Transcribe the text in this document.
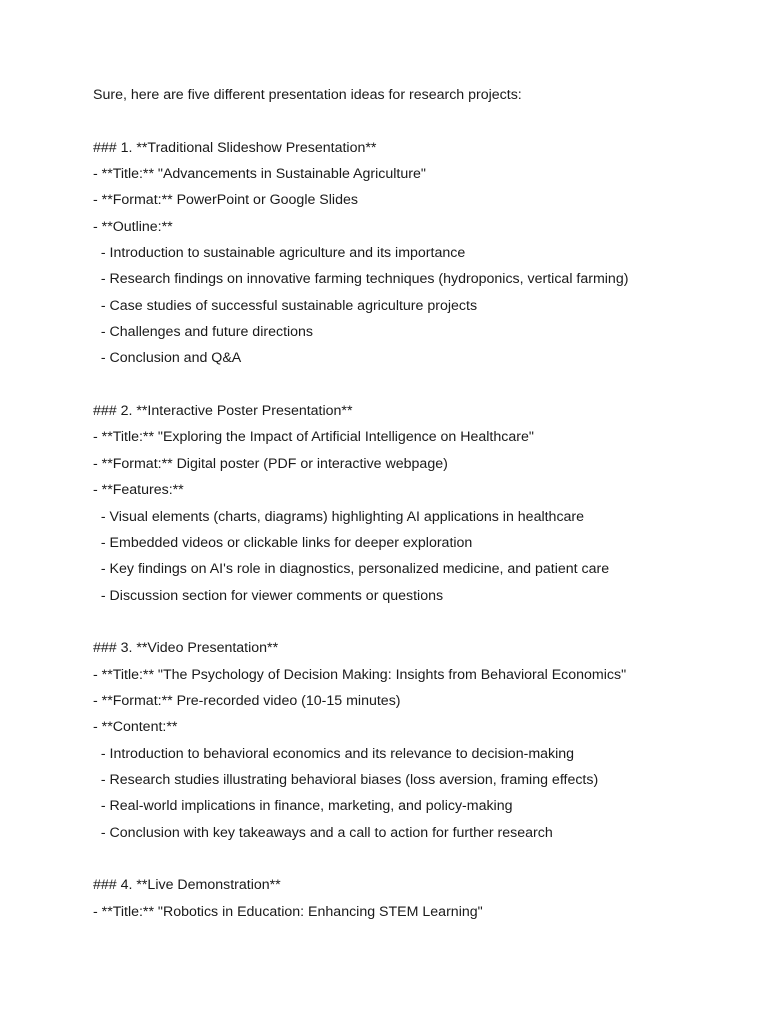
Sure, here are five different presentation ideas for research projects:
### 1. **Traditional Slideshow Presentation**
- **Title:** "Advancements in Sustainable Agriculture"
- **Format:** PowerPoint or Google Slides
- **Outline:**
- Introduction to sustainable agriculture and its importance
- Research findings on innovative farming techniques (hydroponics, vertical farming)
- Case studies of successful sustainable agriculture projects
- Challenges and future directions
- Conclusion and Q&A
### 2. **Interactive Poster Presentation**
- **Title:** "Exploring the Impact of Artificial Intelligence on Healthcare"
- **Format:** Digital poster (PDF or interactive webpage)
- **Features:**
- Visual elements (charts, diagrams) highlighting AI applications in healthcare
- Embedded videos or clickable links for deeper exploration
- Key findings on AI's role in diagnostics, personalized medicine, and patient care
- Discussion section for viewer comments or questions
### 3. **Video Presentation**
- **Title:** "The Psychology of Decision Making: Insights from Behavioral Economics"
- **Format:** Pre-recorded video (10-15 minutes)
- **Content:**
- Introduction to behavioral economics and its relevance to decision-making
- Research studies illustrating behavioral biases (loss aversion, framing effects)
- Real-world implications in finance, marketing, and policy-making
- Conclusion with key takeaways and a call to action for further research
### 4. **Live Demonstration**
- **Title:** "Robotics in Education: Enhancing STEM Learning"
